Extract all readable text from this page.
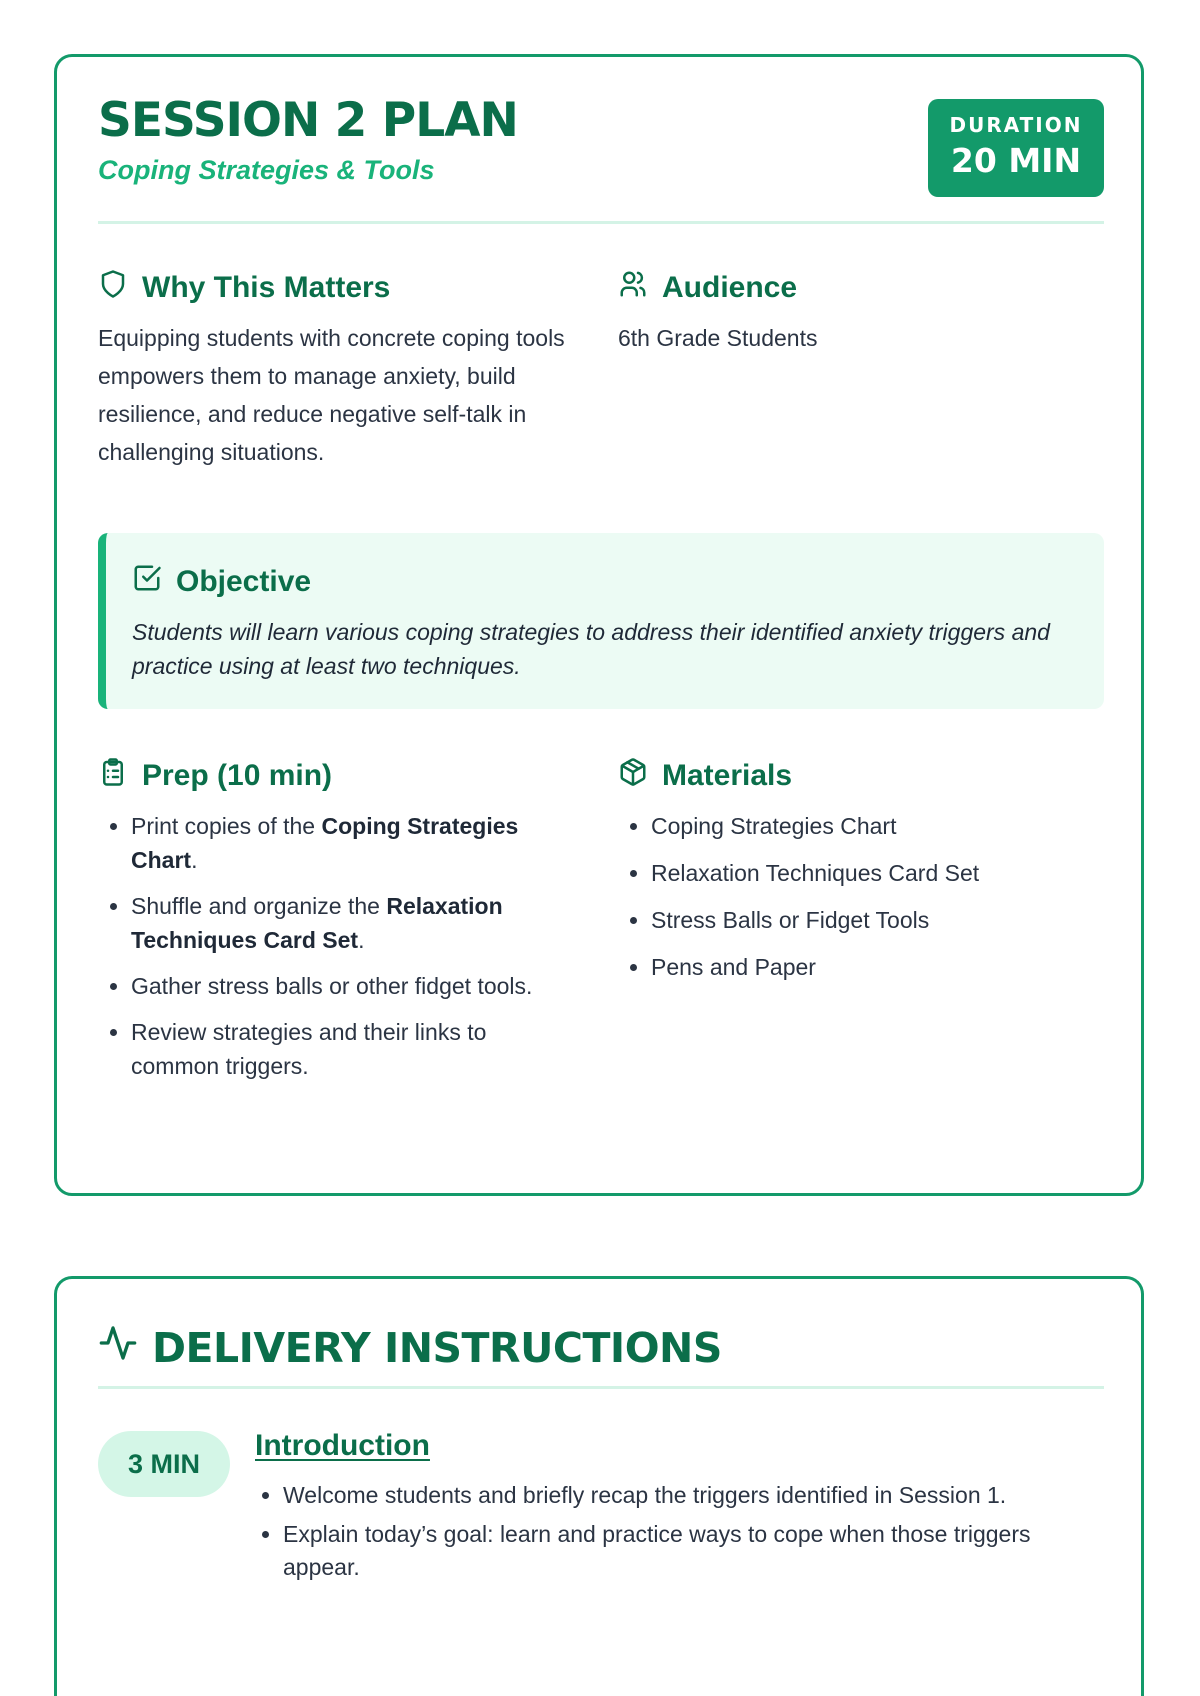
SESSION 2 PLAN
Coping Strategies & Tools
DURATION
20 MIN
Why This Matters
Equipping students with concrete coping tools empowers them to manage anxiety, build resilience, and reduce negative self-talk in challenging situations.
Audience
6th Grade Students
Objective
Students will learn various coping strategies to address their identified anxiety triggers and practice using at least two techniques.
Prep (10 min)
• Print copies of the Coping Strategies Chart.
• Shuffle and organize the Relaxation Techniques Card Set.
• Gather stress balls or other fidget tools.
• Review strategies and their links to common triggers.
Materials
• Coping Strategies Chart
• Relaxation Techniques Card Set
• Stress Balls or Fidget Tools
• Pens and Paper
DELIVERY INSTRUCTIONS
3 MIN
Introduction
• Welcome students and briefly recap the triggers identified in Session 1.
• Explain today’s goal: learn and practice ways to cope when those triggers appear.
